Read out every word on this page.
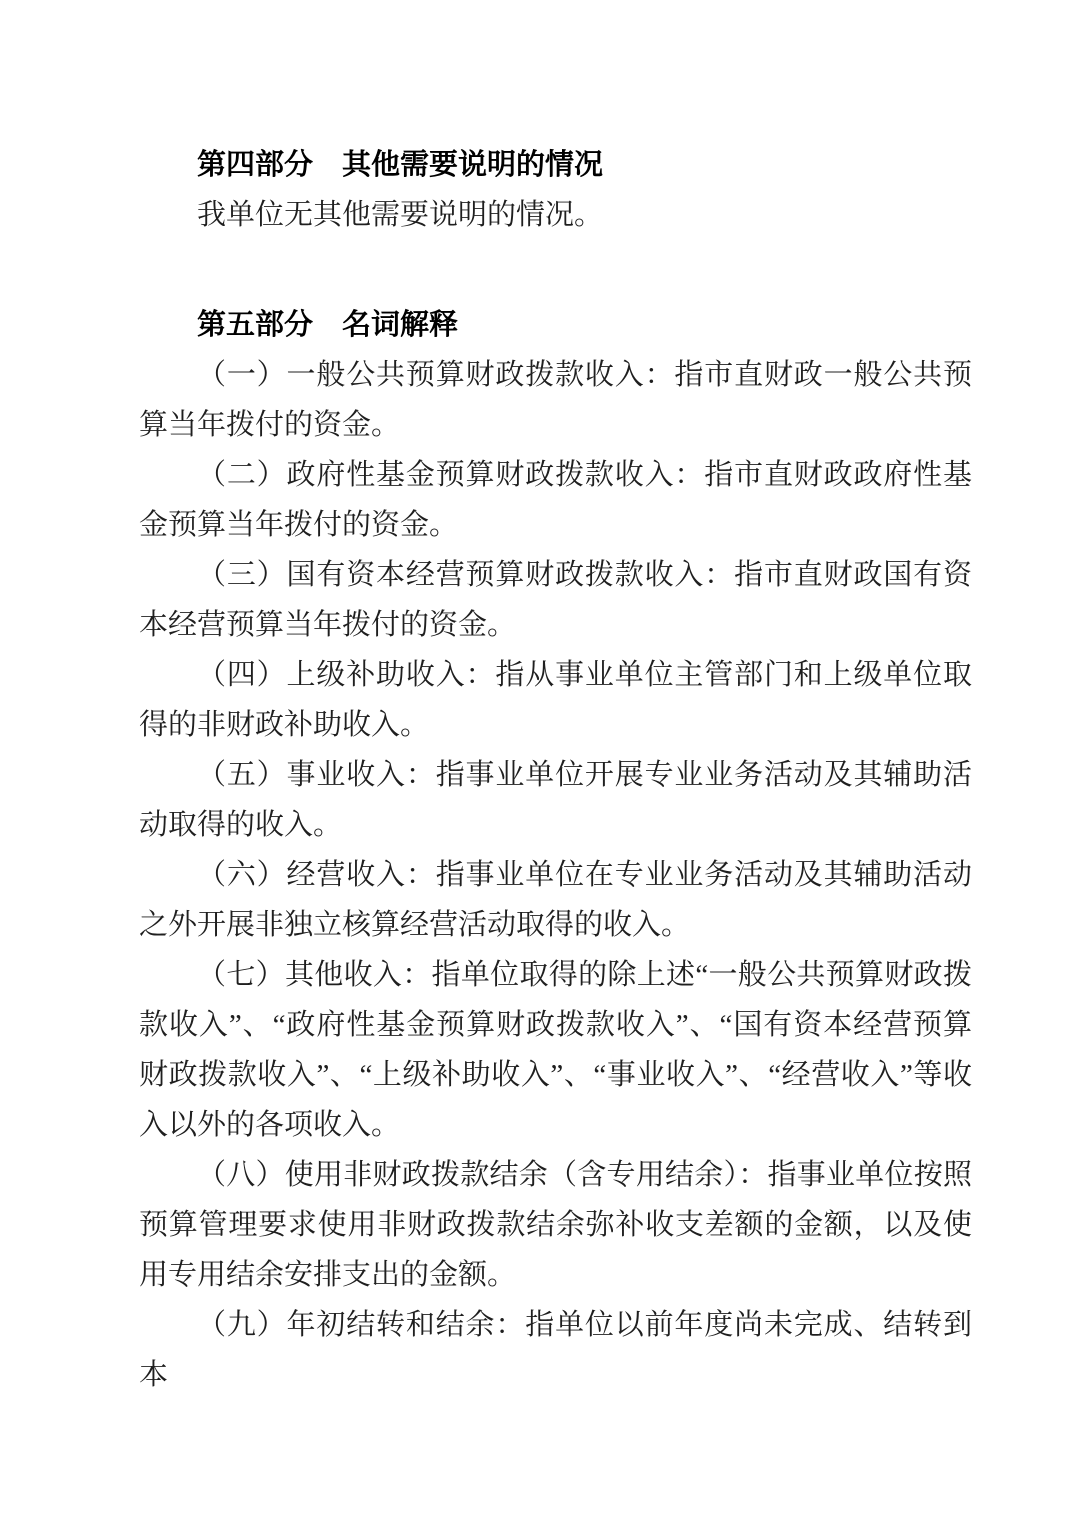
第四部分　其他需要说明的情况

我单位无其他需要说明的情况。

第五部分　名词解释

（一）一般公共预算财政拨款收入：指市直财政一般公共预算当年拨付的资金。

（二）政府性基金预算财政拨款收入：指市直财政政府性基金预算当年拨付的资金。

（三）国有资本经营预算财政拨款收入：指市直财政国有资本经营预算当年拨付的资金。

（四）上级补助收入：指从事业单位主管部门和上级单位取得的非财政补助收入。

（五）事业收入：指事业单位开展专业业务活动及其辅助活动取得的收入。

（六）经营收入：指事业单位在专业业务活动及其辅助活动之外开展非独立核算经营活动取得的收入。

（七）其他收入：指单位取得的除上述“一般公共预算财政拨款收入”、“政府性基金预算财政拨款收入”、“国有资本经营预算财政拨款收入”、“上级补助收入”、“事业收入”、“经营收入”等收入以外的各项收入。

（八）使用非财政拨款结余（含专用结余）：指事业单位按照预算管理要求使用非财政拨款结余弥补收支差额的金额，以及使用专用结余安排支出的金额。

（九）年初结转和结余：指单位以前年度尚未完成、结转到本
